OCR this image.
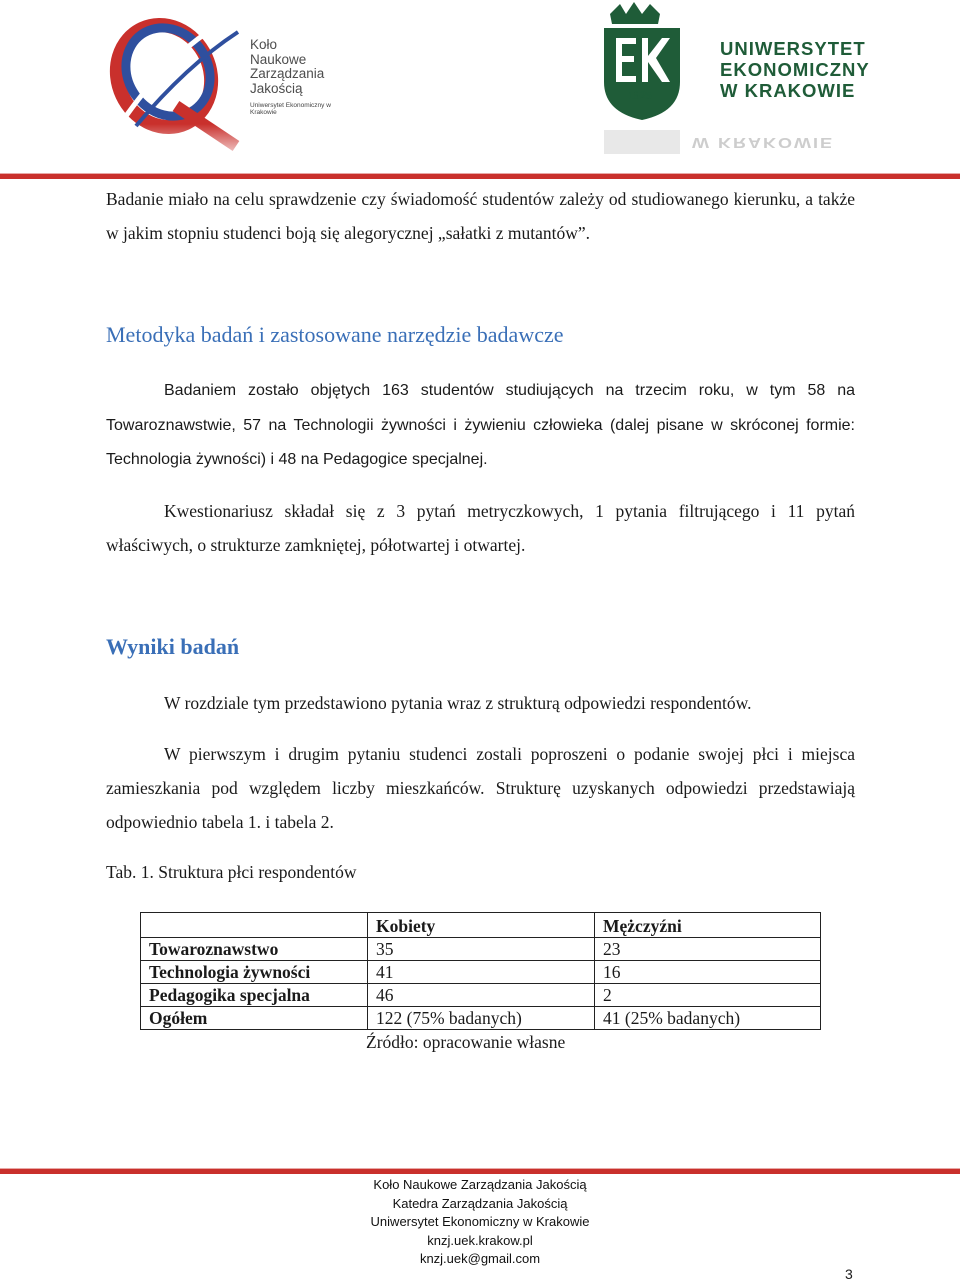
Koło
Naukowe
Zarządzania
Jakością
Uniwersytet Ekonomiczny w Krakowie
1925
UNIWERSYTET
EKONOMICZNY
W KRAKOWIE
W KRAKOWIE
Badanie miało na celu sprawdzenie czy świadomość studentów zależy od studiowanego kierunku, a także w jakim stopniu studenci boją się alegorycznej „sałatki z mutantów”.
Metodyka badań i zastosowane narzędzie badawcze
Badaniem zostało objętych 163 studentów studiujących na trzecim roku, w tym 58 na Towaroznawstwie, 57 na Technologii żywności i żywieniu człowieka (dalej pisane w skróconej formie: Technologia żywności) i 48 na Pedagogice specjalnej.
Kwestionariusz składał się z 3 pytań metryczkowych, 1 pytania filtrującego i 11 pytań właściwych, o strukturze zamkniętej, półotwartej i otwartej.
Wyniki badań
W rozdziale tym przedstawiono pytania wraz z strukturą odpowiedzi respondentów.
W pierwszym i drugim pytaniu studenci zostali poproszeni o podanie swojej płci i miejsca zamieszkania pod względem liczby mieszkańców. Strukturę uzyskanych odpowiedzi przedstawiają odpowiednio tabela 1. i tabela 2.
Tab. 1. Struktura płci respondentów
	Kobiety	Mężczyźni
Towaroznawstwo	35	23
Technologia żywności	41	16
Pedagogika specjalna	46	2
Ogółem	122 (75% badanych)	41 (25% badanych)
Źródło: opracowanie własne
Koło Naukowe Zarządzania Jakością
Katedra Zarządzania Jakością
Uniwersytet Ekonomiczny w Krakowie
knzj.uek.krakow.pl
knzj.uek@gmail.com
3
